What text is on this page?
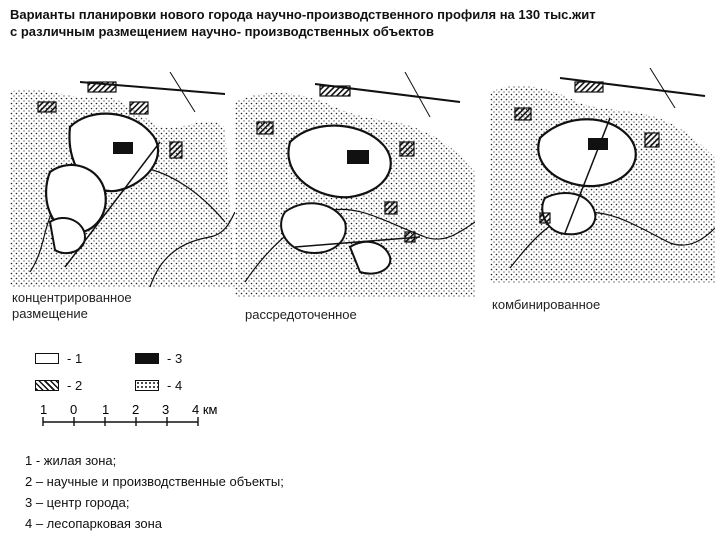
Варианты планировки нового города научно-производственного профиля на 130 тыс.жит
с различным размещением научно- производственных объектов
концентрированное
размещение	рассредоточенное
комбинированное
- 1
- 2
- 3
- 4
1 0 1 2 3 4 км
1 - жилая зона;
2 – научные и производственные объекты;
3 – центр города;
4 – лесопарковая зона
